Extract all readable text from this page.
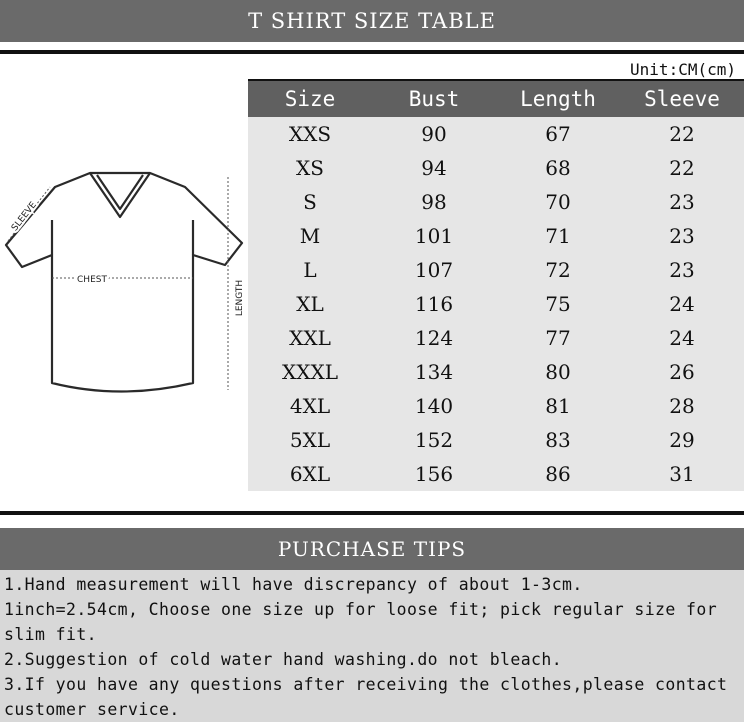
T SHIRT SIZE TABLE
Unit:CM(cm)
CHEST	LENGTH
SLEEVE
Size	Bust	Length	Sleeve
XXS	90	67	22
XS	94	68	22
S	98	70	23
M	101	71	23
L	107	72	23
XL	116	75	24
XXL	124	77	24
XXXL	134	80	26
4XL	140	81	28
5XL	152	83	29
6XL	156	86	31
PURCHASE TIPS

1.Hand measurement will have discrepancy of about 1-3cm.

1inch=2.54cm, Choose one size up for loose fit; pick regular size for slim fit.

2.Suggestion of cold water hand washing.do not bleach.

3.If you have any questions after receiving the clothes,please contact customer service.
